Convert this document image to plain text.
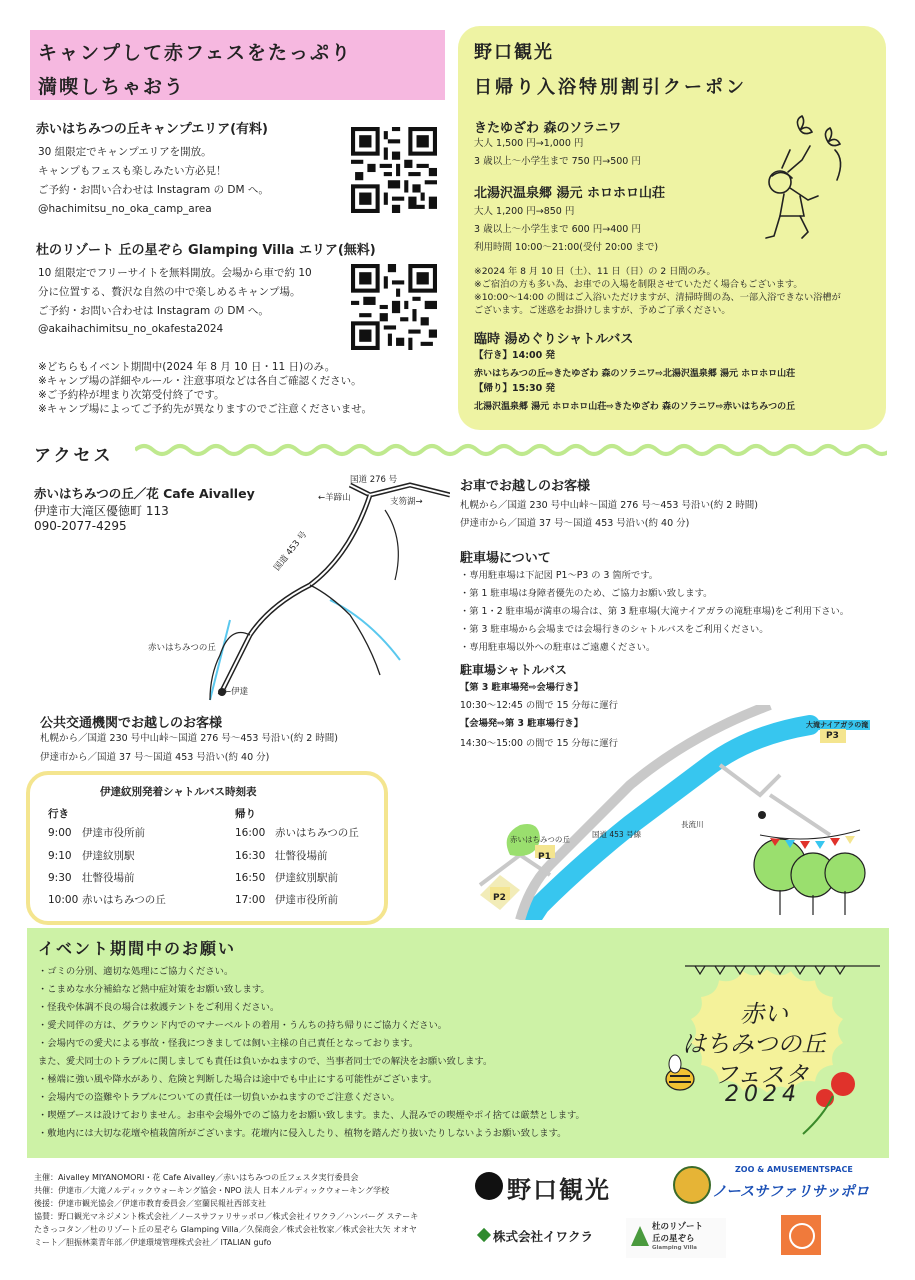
キャンプして赤フェスをたっぷり
満喫しちゃおう
赤いはちみつの丘キャンプエリア(有料)
30 組限定でキャンプエリアを開放。
キャンプもフェスも楽しみたい方必見！
ご予約・お問い合わせは Instagram の DM へ。
@hachimitsu_no_oka_camp_area
杜のリゾート 丘の星ぞら Glamping Villa エリア(無料)
10 組限定でフリーサイトを無料開放。会場から車で約 10
分に位置する、贅沢な自然の中で楽しめるキャンプ場。
ご予約・お問い合わせは Instagram の DM へ。
@akaihachimitsu_no_okafesta2024
※どちらもイベント期間中(2024 年 8 月 10 日・11 日)のみ。
※キャンプ場の詳細やルール・注意事項などは各自ご確認ください。
※ご予約枠が埋まり次第受付終了です。
※キャンプ場によってご予約先が異なりますのでご注意くださいませ。
野口観光
日帰り入浴特別割引クーポン
きたゆざわ 森のソラニワ
大人 1,500 円→1,000 円
3 歳以上〜小学生まで 750 円→500 円
北湯沢温泉郷 湯元 ホロホロ山荘
大人 1,200 円→850 円
3 歳以上〜小学生まで 600 円→400 円
利用時間 10:00〜21:00(受付 20:00 まで)
※2024 年 8 月 10 日（土）、11 日（日）の 2 日間のみ。
※ご宿泊の方も多い為、お車での入場を制限させていただく場合もございます。
※10:00〜14:00 の間はご入浴いただけますが、清掃時間の為、一部入浴できない浴槽が
ございます。ご迷惑をお掛けしますが、予めご了承ください。
臨時 湯めぐりシャトルバス
【行き】14:00 発
赤いはちみつの丘⇨きたゆざわ 森のソラニワ⇨北湯沢温泉郷 湯元 ホロホロ山荘
【帰り】15:30 発
北湯沢温泉郷 湯元 ホロホロ山荘⇨きたゆざわ 森のソラニワ⇨赤いはちみつの丘
アクセス
赤いはちみつの丘／花 Cafe Aivalley
伊達市大滝区優徳町 113
090-2077-4295
国道 276 号
←羊蹄山	支笏湖→
国道 453 号
赤いはちみつの丘
←伊達
公共交通機関でお越しのお客様
札幌から／国道 230 号中山峠〜国道 276 号〜453 号沿い(約 2 時間)
伊達市から／国道 37 号〜国道 453 号沿い(約 40 分)
伊達紋別発着シャトルバス時刻表
行き	帰り
9:00 伊達市役所前
9:10 伊達紋別駅
9:30 壮瞥役場前
10:00 赤いはちみつの丘
16:00 赤いはちみつの丘
16:30 壮瞥役場前
16:50 伊達紋別駅前
17:00 伊達市役所前
お車でお越しのお客様
札幌から／国道 230 号中山峠〜国道 276 号〜453 号沿い(約 2 時間)
伊達市から／国道 37 号〜国道 453 号沿い(約 40 分)
駐車場について
・専用駐車場は下記図 P1〜P3 の 3 箇所です。
・第 1 駐車場は身障者優先のため、ご協力お願い致します。
・第 1・2 駐車場が満車の場合は、第 3 駐車場(大滝ナイアガラの滝駐車場)をご利用下さい。
・第 3 駐車場から会場までは会場行きのシャトルバスをご利用ください。
・専用駐車場以外への駐車はご遠慮ください。
駐車場シャトルバス
【第 3 駐車場発⇨会場行き】
10:30〜12:45 の間で 15 分毎に運行
【会場発⇨第 3 駐車場行き】
14:30〜15:00 の間で 15 分毎に運行
大滝ナイアガラの滝
P3
赤いはちみつの丘
国道 453 号線
長流川
P1
P2
イベント期間中のお願い
・ゴミの分別、適切な処理にご協力ください。
・こまめな水分補給など熱中症対策をお願い致します。
・怪我や体調不良の場合は救護テントをご利用ください。
・愛犬同伴の方は、グラウンド内でのマナーベルトの着用・うんちの持ち帰りにご協力ください。
・会場内での愛犬による事故・怪我につきましては飼い主様の自己責任となっております。
また、愛犬同士のトラブルに関しましても責任は負いかねますので、当事者同士での解決をお願い致します。
・極端に強い風や降水があり、危険と判断した場合は途中でも中止にする可能性がございます。
・会場内での盗難やトラブルについての責任は一切負いかねますのでご注意ください。
・喫煙ブースは設けておりません。お車や会場外でのご協力をお願い致します。また、人混みでの喫煙やポイ捨ては厳禁とします。
・敷地内には大切な花壇や植栽箇所がございます。花壇内に侵入したり、植物を踏んだり抜いたりしないようお願い致します。
赤い
はちみつの丘
フェスタ
2024
主催：Aivalley MIYANOMORI・花 Cafe Aivalley／赤いはちみつの丘フェスタ実行委員会
共催：伊達市／大滝ノルディックウォーキング協会・NPO 法人 日本ノルディックウォーキング学校
後援：伊達市観光協会／伊達市教育委員会／室蘭民報社西部支社
協賛：野口観光マネジメント株式会社／ノースサファリサッポロ／株式会社イワクラ／ハンバーグ ステーキ
たきっコタン／杜のリゾート丘の星ぞら Glamping Villa／久保商会／株式会社牧家／株式会社大矢 オオヤ
ミート／胆振林業青年部／伊達環境管理株式会社／ ITALIAN gufo
野口観光
ZOO & AMUSEMENTSPACE
ノースサファリサッポロ
株式会社イワクラ
杜のリゾート
丘の星ぞら
Glamping Villa
